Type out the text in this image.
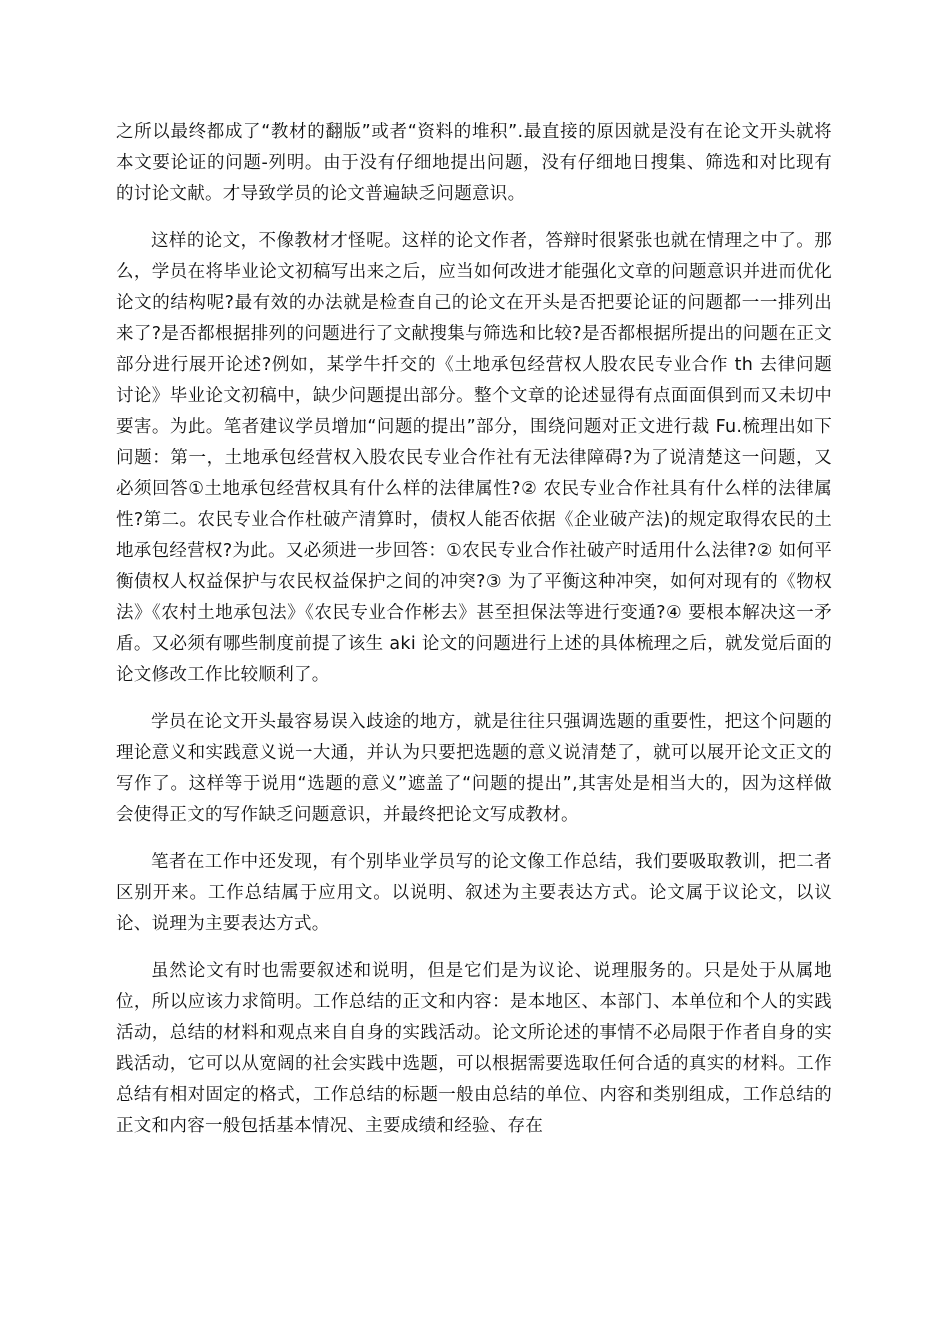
之所以最终都成了“教材的翻版”或者“资料的堆积”.最直接的原因就是没有在论文开头就将本文要论证的问题-列明。由于没有仔细地提出问题，没有仔细地日搜集、筛选和对比现有的讨论文献。才导致学员的论文普遍缺乏问题意识。

这样的论文，不像教材才怪呢。这样的论文作者，答辩时很紧张也就在情理之中了。那么，学员在将毕业论文初稿写出来之后，应当如何改进才能强化文章的问题意识并进而优化论文的结构呢?最有效的办法就是检查自己的论文在开头是否把要论证的问题都一一排列出来了?是否都根据排列的问题进行了文献搜集与筛选和比较?是否都根据所提出的问题在正文部分进行展开论述?例如，某学牛扦交的《土地承包经营权人股农民专业合作 th 去律问题讨论》毕业论文初稿中，缺少问题提出部分。整个文章的论述显得有点面面俱到而又未切中要害。为此。笔者建议学员增加“问题的提出”部分，围绕问题对正文进行裁 Fu.梳理出如下问题：第一，土地承包经营权入股农民专业合作社有无法律障碍?为了说清楚这一问题，又必须回答①土地承包经营权具有什么样的法律属性?② 农民专业合作社具有什么样的法律属性?第二。农民专业合作杜破产清算时，债权人能否依据《企业破产法)的规定取得农民的土地承包经营权?为此。又必须进一步回答：①农民专业合作社破产时适用什么法律?② 如何平衡债权人权益保护与农民权益保护之间的冲突?③ 为了平衡这种冲突，如何对现有的《物权法》《农村土地承包法》《农民专业合作彬去》甚至担保法等进行变通?④ 要根本解决这一矛盾。又必须有哪些制度前提了该生 aki 论文的问题进行上述的具体梳理之后，就发觉后面的论文修改工作比较顺利了。

学员在论文开头最容易误入歧途的地方，就是往往只强调选题的重要性，把这个问题的理论意义和实践意义说一大通，并认为只要把选题的意义说清楚了，就可以展开论文正文的写作了。这样等于说用“选题的意义”遮盖了“问题的提出”,其害处是相当大的，因为这样做会使得正文的写作缺乏问题意识，并最终把论文写成教材。

笔者在工作中还发现，有个别毕业学员写的论文像工作总结，我们要吸取教训，把二者区别开来。工作总结属于应用文。以说明、叙述为主要表达方式。论文属于议论文，以议论、说理为主要表达方式。

虽然论文有时也需要叙述和说明，但是它们是为议论、说理服务的。只是处于从属地位，所以应该力求简明。工作总结的正文和内容：是本地区、本部门、本单位和个人的实践活动，总结的材料和观点来自自身的实践活动。论文所论述的事情不必局限于作者自身的实践活动，它可以从宽阔的社会实践中选题，可以根据需要选取任何合适的真实的材料。工作总结有相对固定的格式，工作总结的标题一般由总结的单位、内容和类别组成，工作总结的正文和内容一般包括基本情况、主要成绩和经验、存在
